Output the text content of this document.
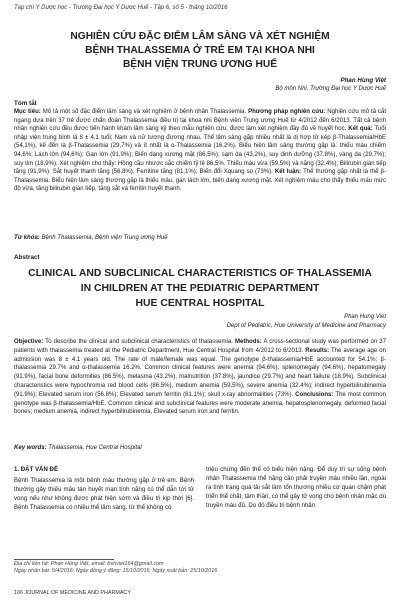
Tạp chí Y Dược học - Trường Đại học Y Dược Huế - Tập 6, số 5 - tháng 10/2016
NGHIÊN CỨU ĐẶC ĐIỂM LÂM SÀNG VÀ XÉT NGHIỆM
BỆNH THALASSEMIA Ở TRẺ EM TẠI KHOA NHI
BỆNH VIỆN TRUNG ƯƠNG HUẾ
Phan Hùng Việt
Bộ môn Nhi, Trường Đại học Y Dược Huế
Tóm tắt
Mục tiêu: Mô tả một số đặc điểm lâm sàng và xét nghiệm ở bệnh nhân Thalassemia. Phương pháp nghiên cứu: Nghiên cứu mô tả cắt ngang dựa trên 37 trẻ được chẩn đoán Thalassemia điều trị tại khoa nhi Bệnh viện Trung ương Huế từ 4/2012 đến 6/2013. Tất cả bệnh nhân nghiên cứu đều được tiến hành khám lâm sàng kỹ theo mẫu nghiên cứu, được làm xét nghiệm đầy đủ về huyết học. Kết quả: Tuổi nhập viện trung bình là 8 ± 4,1 tuổi; Nam và nữ tương đương nhau. Thể lâm sàng gặp nhiều nhất là dị hợp tử kép β-Thalassemia/HbE (54,1%), kế đến là β-Thalassemia (29,7%) và ít nhất là α-Thalassemia (16,2%). Biểu hiện lâm sàng thường gặp là: thiếu máu chiếm 94,6%; Lách lớn (94,6%); Gan lớn (91,9%); Biến dạng xương mặt (86,5%); sạm da (43,2%), suy dinh dưỡng (37,8%), vàng da (29,7%); suy tim (18,9%). Xét nghiệm cho thấy: Hồng cầu nhược sắc chiếm tỷ lệ 86,5%. Thiếu máu vừa (59,5%) và nặng (32,4%); Bilirubin gián tiếp tăng (91,9%). Sắt huyết thanh tăng (56,8%). Ferritine tăng (81,1%); Biến đổi Xquang sọ (73%). Kết luận: Thể thường gặp nhất là thể β-Thalassemia. Biểu hiện lâm sàng thường gặp là thiếu máu, gan lách lớn, biến dạng xương mặt. Xét nghiệm máu cho thấy thiếu máu mức độ vừa, tăng bilirubin gián tiếp, tăng sắt và ferritin huyết thanh.
Từ khóa: Bệnh Thalassemia, Bệnh viện Trung ương Huế
Abstract
CLINICAL AND SUBCLINICAL CHARACTERISTICS OF THALASSEMIA
IN CHILDREN AT THE PEDIATRIC DEPARTMENT
HUE CENTRAL HOSPITAL
Phan Hung Viet
Dept of Pediatric, Hue University of Medicine and Pharmacy
Objective: To describe the clinical and subclinical characteristics of thalassemia. Methods: A cross-sectional study was performed on 37 patients with thalassemia treated at the Pediatric Department, Hue Central Hospital from 4/2012 to 6/2013. Results: The average age on admission was 8 ± 4.1 years old. The rate of male/female was equal. The genotype β-thalassemia/HbE accounted for 54.1%; β-thalassemia 29.7% and α-thalassemia 16.2%. Common clinical features were anemia (94.6%), splenomegaly (94.6%), hepatomegaly (91.9%), facial bone deformities (86.5%), melasma (43.2%), malnutrition (37.8%), jaundice (29.7%) and heart failure (18.9%). Subclinical characteristics were hypochromia red blood cells (86.5%), medium anemia (59.5%), severe anemia (32.4%); indirect hyperbilirubinemia (91.9%); Elevated serum iron (56.8%); Elevated serum ferritin (81.1%); skull x-ray abnormalities (73%). Conclusions: The most common genotype was β-thalassemia/HbE. Common clinical and subclinical features were moderate anemia, hepatosplenomegaly, deformed facial bones; medium anemia, indirect hyperbilirubinemia, Elevated serum iron and ferritin.
Key words: Thalassemia, Hue Central Hospital
1. ĐẶT VẤN ĐỀ
Bệnh Thalassemia là một bệnh máu thường gặp ở trẻ em. Bệnh thường gây thiếu máu tán huyết mạn tính nặng có thể dẫn tới tử vong nếu như không được phát hiện sớm và điều trị kịp thời [6]. Bệnh Thalassemia có nhiều thể lâm sàng, từ thể không có
triệu chứng đến thể có biểu hiện nặng. Để duy trì sự sống bệnh nhân Thalassemia thể nặng cần phải truyền máu nhiều lần, ngoài ra tình trạng quá tải sắt làm tổn thương nhiều cơ quan chậm phát triển thể chất, tâm thần, có thể gây tử vong cho bệnh nhân mặc dù truyền máu đủ. Do đó điều trị bệnh nhân
Địa chỉ liên hệ: Phan Hùng Việt, email: bshviet164@gmail.com
Ngày nhận bài: 5/4/2016; Ngày đồng ý đăng: 15/10/2016; Ngày xuất bản: 25/10/2016
106 JOURNAL OF MEDICINE AND PHARMACY
